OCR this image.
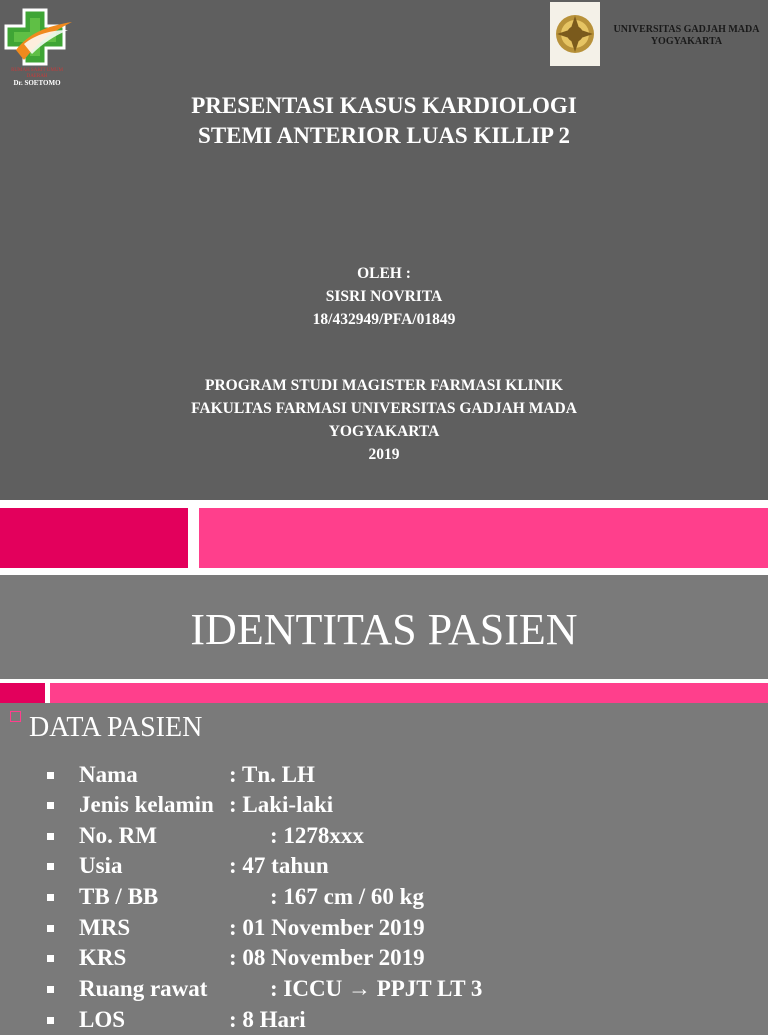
RUMAH SAKIT UMUM DAERAH
Dr. SOETOMO
UNIVERSITAS GADJAH MADA
YOGYAKARTA
PRESENTASI KASUS KARDIOLOGI
STEMI ANTERIOR LUAS KILLIP 2
OLEH :
SISRI NOVRITA
18/432949/PFA/01849
PROGRAM STUDI MAGISTER FARMASI KLINIK
FAKULTAS FARMASI UNIVERSITAS GADJAH MADA
YOGYAKARTA
2019
IDENTITAS PASIEN
DATA PASIEN
Nama	: Tn. LH
Jenis kelamin : Laki-laki
No. RM	: 1278xxx
Usia	: 47 tahun
TB / BB	: 167 cm / 60 kg
MRS	: 01 November 2019
KRS	: 08 November 2019
Ruang rawat	: ICCU → PPJT LT 3
LOS	: 8 Hari
